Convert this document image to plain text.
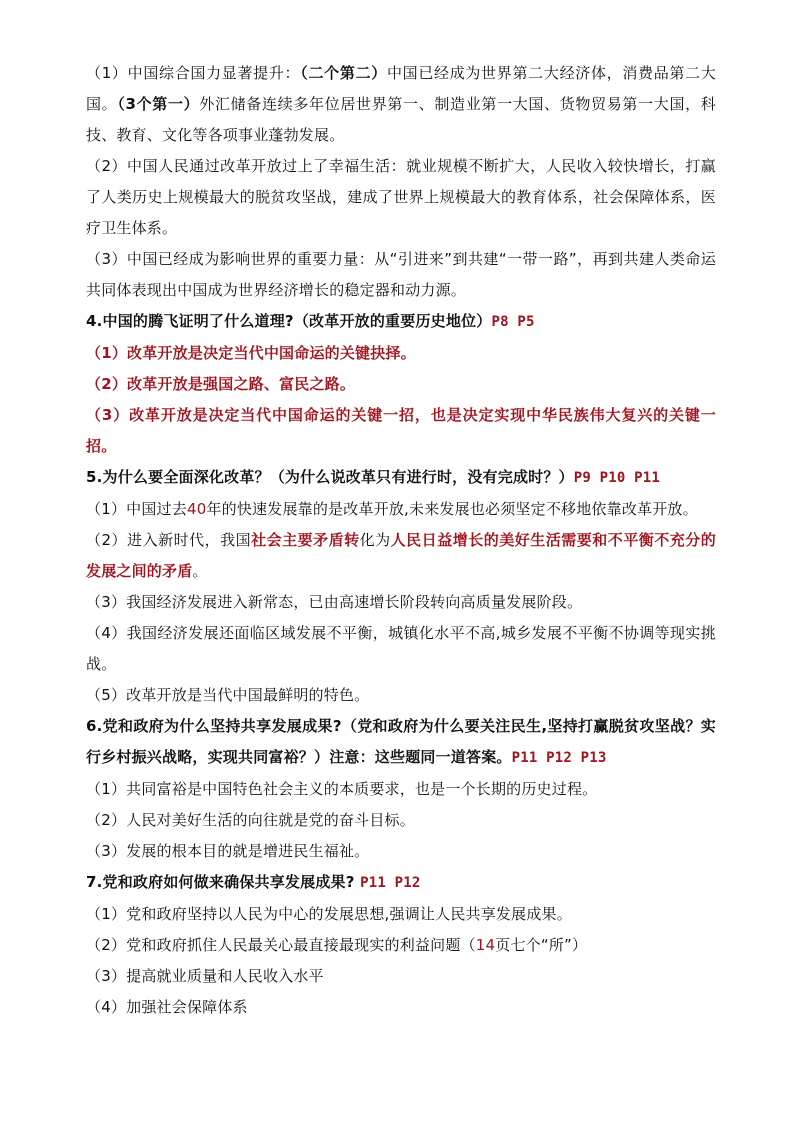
（1）中国综合国力显著提升：（二个第二）中国已经成为世界第二大经济体，消费品第二大国。（3个第一）外汇储备连续多年位居世界第一、制造业第一大国、货物贸易第一大国，科技、教育、文化等各项事业蓬勃发展。

（2）中国人民通过改革开放过上了幸福生活：就业规模不断扩大，人民收入较快增长，打赢了人类历史上规模最大的脱贫攻坚战，建成了世界上规模最大的教育体系，社会保障体系，医疗卫生体系。

（3）中国已经成为影响世界的重要力量：从“引进来”到共建“一带一路”，再到共建人类命运共同体表现出中国成为世界经济增长的稳定器和动力源。

4.中国的腾飞证明了什么道理?（改革开放的重要历史地位）P8 P5

（1）改革开放是决定当代中国命运的关键抉择。

（2）改革开放是强国之路、富民之路。

（3）改革开放是决定当代中国命运的关键一招，也是决定实现中华民族伟大复兴的关键一招。

5.为什么要全面深化改革？（为什么说改革只有进行时，没有完成时？）P9 P10 P11

（1）中国过去40年的快速发展靠的是改革开放,未来发展也必须坚定不移地依靠改革开放。

（2）进入新时代，我国社会主要矛盾转化为人民日益增长的美好生活需要和不平衡不充分的发展之间的矛盾。

（3）我国经济发展进入新常态，已由高速增长阶段转向高质量发展阶段。

（4）我国经济发展还面临区域发展不平衡，城镇化水平不高,城乡发展不平衡不协调等现实挑战。

（5）改革开放是当代中国最鲜明的特色。

6.党和政府为什么坚持共享发展成果?（党和政府为什么要关注民生,坚持打赢脱贫攻坚战？实行乡村振兴战略，实现共同富裕？）注意：这些题同一道答案。P11 P12 P13

（1）共同富裕是中国特色社会主义的本质要求，也是一个长期的历史过程。

（2）人民对美好生活的向往就是党的奋斗目标。

（3）发展的根本目的就是增进民生福祉。

7.党和政府如何做来确保共享发展成果? P11 P12

（1）党和政府坚持以人民为中心的发展思想,强调让人民共享发展成果。

（2）党和政府抓住人民最关心最直接最现实的利益问题（14页七个“所”）

（3）提高就业质量和人民收入水平

（4）加强社会保障体系
